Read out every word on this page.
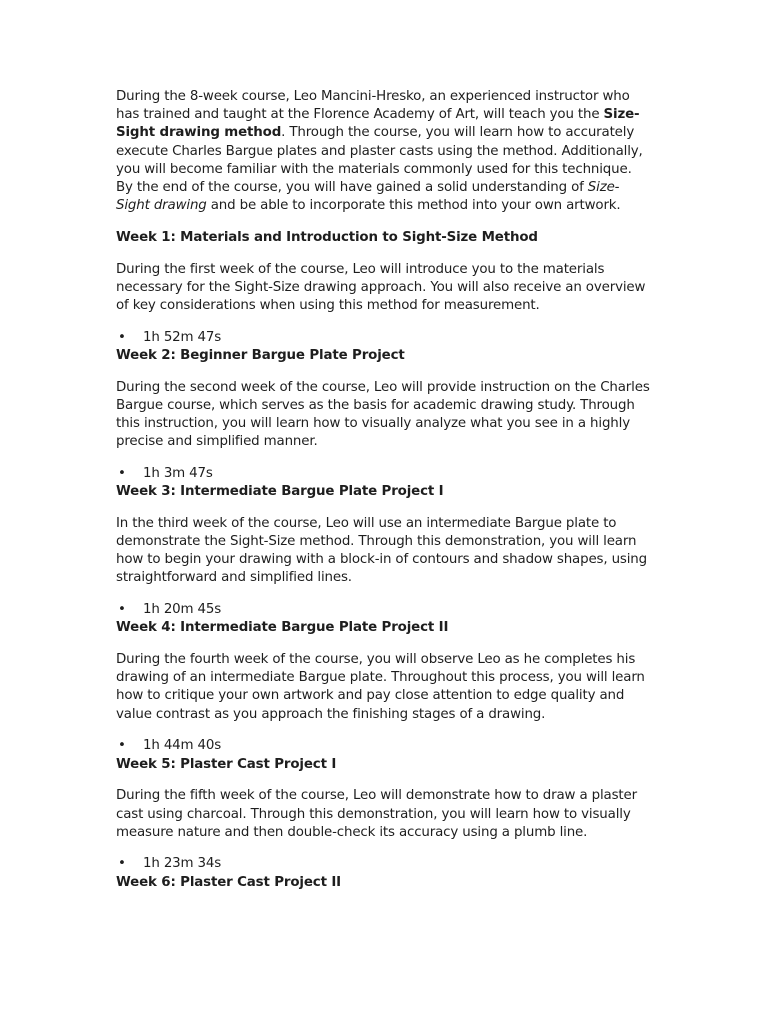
During the 8-week course, Leo Mancini-Hresko, an experienced instructor who has trained and taught at the Florence Academy of Art, will teach you the Size-Sight drawing method. Through the course, you will learn how to accurately execute Charles Bargue plates and plaster casts using the method. Additionally, you will become familiar with the materials commonly used for this technique. By the end of the course, you will have gained a solid understanding of Size-Sight drawing and be able to incorporate this method into your own artwork.

Week 1: Materials and Introduction to Sight-Size Method

During the first week of the course, Leo will introduce you to the materials necessary for the Sight-Size drawing approach. You will also receive an overview of key considerations when using this method for measurement.

• 1h 52m 47s
Week 2: Beginner Bargue Plate Project

During the second week of the course, Leo will provide instruction on the Charles Bargue course, which serves as the basis for academic drawing study. Through this instruction, you will learn how to visually analyze what you see in a highly precise and simplified manner.

• 1h 3m 47s
Week 3: Intermediate Bargue Plate Project I

In the third week of the course, Leo will use an intermediate Bargue plate to demonstrate the Sight-Size method. Through this demonstration, you will learn how to begin your drawing with a block-in of contours and shadow shapes, using straightforward and simplified lines.

• 1h 20m 45s
Week 4: Intermediate Bargue Plate Project II

During the fourth week of the course, you will observe Leo as he completes his drawing of an intermediate Bargue plate. Throughout this process, you will learn how to critique your own artwork and pay close attention to edge quality and value contrast as you approach the finishing stages of a drawing.

• 1h 44m 40s
Week 5: Plaster Cast Project I

During the fifth week of the course, Leo will demonstrate how to draw a plaster cast using charcoal. Through this demonstration, you will learn how to visually measure nature and then double-check its accuracy using a plumb line.

• 1h 23m 34s
Week 6: Plaster Cast Project II
